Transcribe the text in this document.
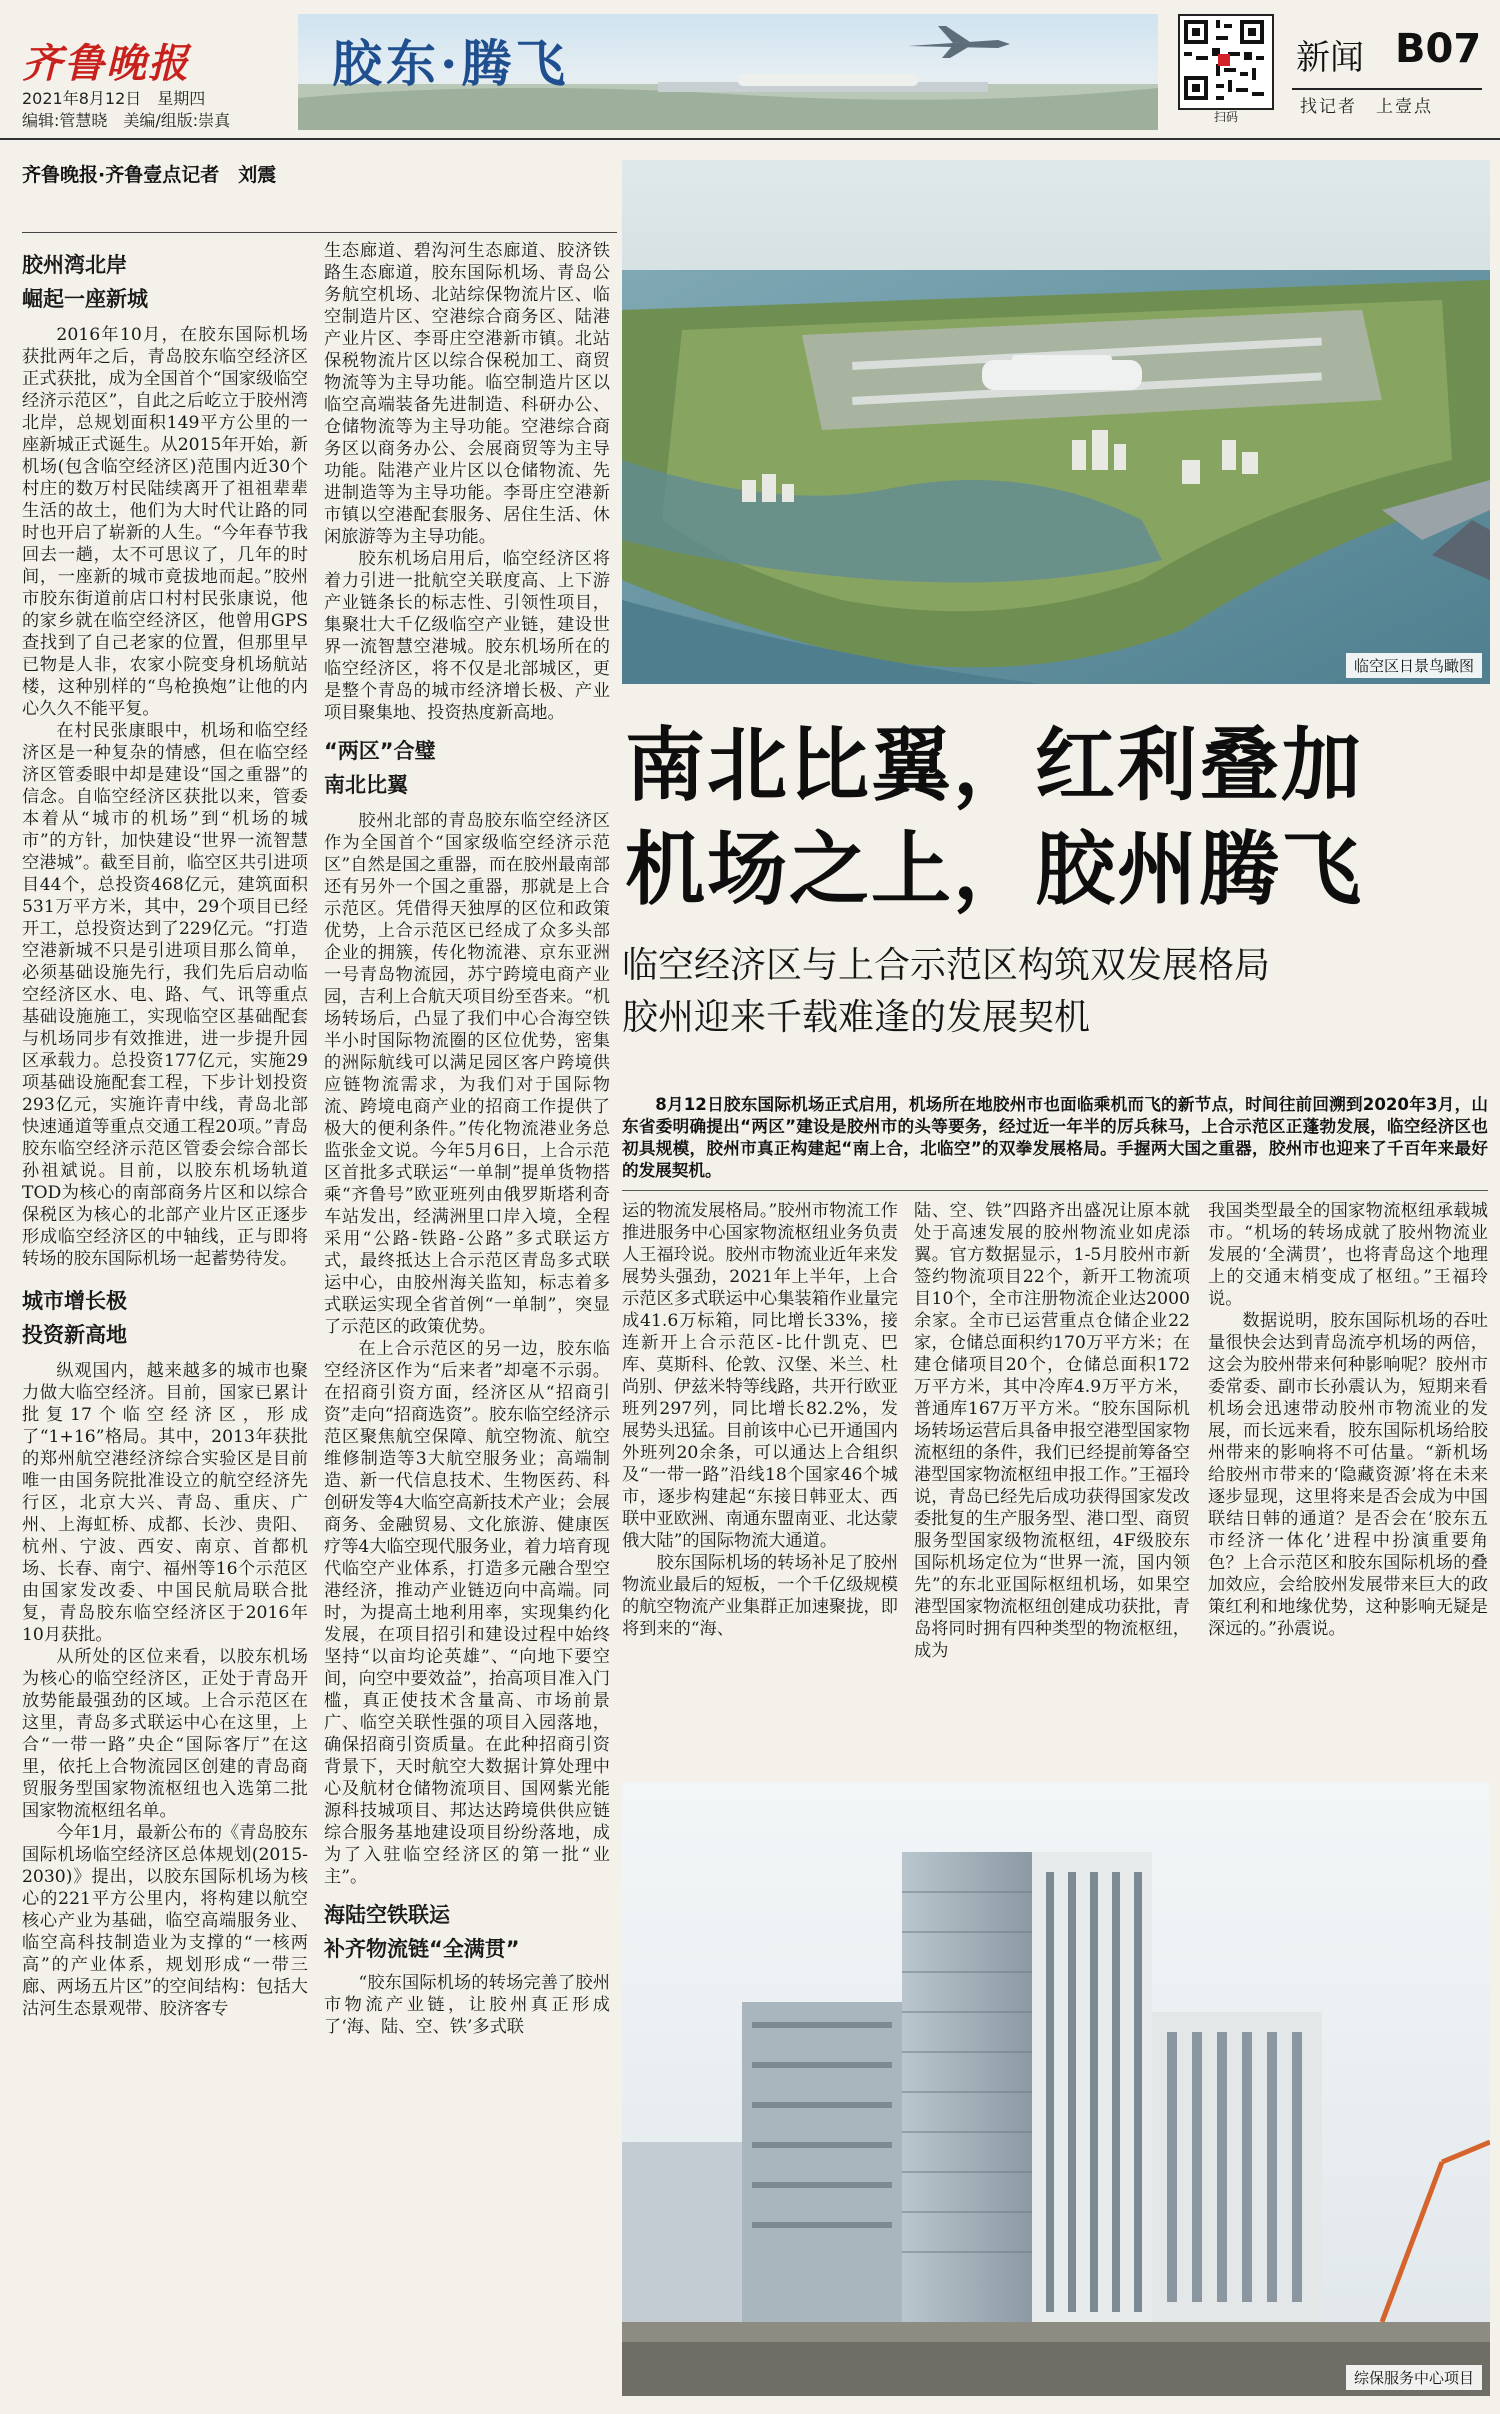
齐鲁晚报
2021年8月12日　星期四
编辑:管慧晓　美编/组版:崇真
胶东·腾飞
扫码
新闻 B07
找记者　上壹点
齐鲁晚报·齐鲁壹点记者　刘震
临空区日景鸟瞰图
南北比翼，红利叠加
机场之上，胶州腾飞
临空经济区与上合示范区构筑双发展格局
胶州迎来千载难逢的发展契机
8月12日胶东国际机场正式启用，机场所在地胶州市也面临乘机而飞的新节点，时间往前回溯到2020年3月，山东省委明确提出“两区”建设是胶州市的头等要务，经过近一年半的厉兵秣马，上合示范区正蓬勃发展，临空经济区也初具规模，胶州市真正构建起“南上合，北临空”的双拳发展格局。手握两大国之重器，胶州市也迎来了千百年来最好的发展契机。

胶州湾北岸

崛起一座新城

2016年10月，在胶东国际机场获批两年之后，青岛胶东临空经济区正式获批，成为全国首个“国家级临空经济示范区”，自此之后屹立于胶州湾北岸，总规划面积149平方公里的一座新城正式诞生。从2015年开始，新机场(包含临空经济区)范围内近30个村庄的数万村民陆续离开了祖祖辈辈生活的故土，他们为大时代让路的同时也开启了崭新的人生。“今年春节我回去一趟，太不可思议了，几年的时间，一座新的城市竟拔地而起。”胶州市胶东街道前店口村村民张康说，他的家乡就在临空经济区，他曾用GPS查找到了自己老家的位置，但那里早已物是人非，农家小院变身机场航站楼，这种别样的“鸟枪换炮”让他的内心久久不能平复。

在村民张康眼中，机场和临空经济区是一种复杂的情感，但在临空经济区管委眼中却是建设“国之重器”的信念。自临空经济区获批以来，管委本着从“城市的机场”到“机场的城市”的方针，加快建设“世界一流智慧空港城”。截至目前，临空区共引进项目44个，总投资468亿元，建筑面积531万平方米，其中，29个项目已经开工，总投资达到了229亿元。“打造空港新城不只是引进项目那么简单，必须基础设施先行，我们先后启动临空经济区水、电、路、气、讯等重点基础设施施工，实现临空区基础配套与机场同步有效推进，进一步提升园区承载力。总投资177亿元，实施29项基础设施配套工程，下步计划投资293亿元，实施许青中线，青岛北部快速通道等重点交通工程20项。”青岛胶东临空经济示范区管委会综合部长孙祖斌说。目前，以胶东机场轨道TOD为核心的南部商务片区和以综合保税区为核心的北部产业片区正逐步形成临空经济区的中轴线，正与即将转场的胶东国际机场一起蓄势待发。

城市增长极

投资新高地

纵观国内，越来越多的城市也聚力做大临空经济。目前，国家已累计批复17个临空经济区，形成了“1+16”格局。其中，2013年获批的郑州航空港经济综合实验区是目前唯一由国务院批准设立的航空经济先行区，北京大兴、青岛、重庆、广州、上海虹桥、成都、长沙、贵阳、杭州、宁波、西安、南京、首都机场、长春、南宁、福州等16个示范区由国家发改委、中国民航局联合批复，青岛胶东临空经济区于2016年10月获批。

从所处的区位来看，以胶东机场为核心的临空经济区，正处于青岛开放势能最强劲的区域。上合示范区在这里，青岛多式联运中心在这里，上合“一带一路”央企“国际客厅”在这里，依托上合物流园区创建的青岛商贸服务型国家物流枢纽也入选第二批国家物流枢纽名单。

今年1月，最新公布的《青岛胶东国际机场临空经济区总体规划(2015-2030)》提出，以胶东国际机场为核心的221平方公里内，将构建以航空核心产业为基础，临空高端服务业、临空高科技制造业为支撑的“一核两高”的产业体系，规划形成“一带三廊、两场五片区”的空间结构：包括大沽河生态景观带、胶济客专

生态廊道、碧沟河生态廊道、胶济铁路生态廊道，胶东国际机场、青岛公务航空机场、北站综保物流片区、临空制造片区、空港综合商务区、陆港产业片区、李哥庄空港新市镇。北站保税物流片区以综合保税加工、商贸物流等为主导功能。临空制造片区以临空高端装备先进制造、科研办公、仓储物流等为主导功能。空港综合商务区以商务办公、会展商贸等为主导功能。陆港产业片区以仓储物流、先进制造等为主导功能。李哥庄空港新市镇以空港配套服务、居住生活、休闲旅游等为主导功能。

胶东机场启用后，临空经济区将着力引进一批航空关联度高、上下游产业链条长的标志性、引领性项目，集聚壮大千亿级临空产业链，建设世界一流智慧空港城。胶东机场所在的临空经济区，将不仅是北部城区，更是整个青岛的城市经济增长极、产业项目聚集地、投资热度新高地。

“两区”合璧

南北比翼

胶州北部的青岛胶东临空经济区作为全国首个“国家级临空经济示范区”自然是国之重器，而在胶州最南部还有另外一个国之重器，那就是上合示范区。凭借得天独厚的区位和政策优势，上合示范区已经成了众多头部企业的拥簇，传化物流港、京东亚洲一号青岛物流园，苏宁跨境电商产业园，吉利上合航天项目纷至沓来。“机场转场后，凸显了我们中心合海空铁半小时国际物流圈的区位优势，密集的洲际航线可以满足园区客户跨境供应链物流需求，为我们对于国际物流、跨境电商产业的招商工作提供了极大的便利条件。”传化物流港业务总监张金文说。今年5月6日，上合示范区首批多式联运“一单制”提单货物搭乘“齐鲁号”欧亚班列由俄罗斯塔利奇车站发出，经满洲里口岸入境，全程采用“公路-铁路-公路”多式联运方式，最终抵达上合示范区青岛多式联运中心，由胶州海关监知，标志着多式联运实现全省首例“一单制”，突显了示范区的政策优势。

在上合示范区的另一边，胶东临空经济区作为“后来者”却毫不示弱。在招商引资方面，经济区从“招商引资”走向“招商选资”。胶东临空经济示范区聚焦航空保障、航空物流、航空维修制造等3大航空服务业；高端制造、新一代信息技术、生物医药、科创研发等4大临空高新技术产业；会展商务、金融贸易、文化旅游、健康医疗等4大临空现代服务业，着力培育现代临空产业体系，打造多元融合型空港经济，推动产业链迈向中高端。同时，为提高土地利用率，实现集约化发展，在项目招引和建设过程中始终坚持“以亩均论英雄”、“向地下要空间，向空中要效益”，抬高项目准入门槛，真正使技术含量高、市场前景广、临空关联性强的项目入园落地，确保招商引资质量。在此种招商引资背景下，天时航空大数据计算处理中心及航材仓储物流项目、国网紫光能源科技城项目、邦达达跨境供供应链综合服务基地建设项目纷纷落地，成为了入驻临空经济区的第一批“业主”。

海陆空铁联运

补齐物流链“全满贯”

“胶东国际机场的转场完善了胶州市物流产业链，让胶州真正形成了‘海、陆、空、铁’多式联

运的物流发展格局。”胶州市物流工作推进服务中心国家物流枢纽业务负责人王福玲说。胶州市物流业近年来发展势头强劲，2021年上半年，上合示范区多式联运中心集装箱作业量完成41.6万标箱，同比增长33%，接连新开上合示范区-比什凯克、巴库、莫斯科、伦敦、汉堡、米兰、杜尚别、伊兹米特等线路，共开行欧亚班列297列，同比增长82.2%，发展势头迅猛。目前该中心已开通国内外班列20余条，可以通达上合组织及“一带一路”沿线18个国家46个城市，逐步构建起“东接日韩亚太、西联中亚欧洲、南通东盟南亚、北达蒙俄大陆”的国际物流大通道。

胶东国际机场的转场补足了胶州物流业最后的短板，一个千亿级规模的航空物流产业集群正加速聚拢，即将到来的“海、

陆、空、铁”四路齐出盛况让原本就处于高速发展的胶州物流业如虎添翼。官方数据显示，1-5月胶州市新签约物流项目22个，新开工物流项目10个，全市注册物流企业达2000余家。全市已运营重点仓储企业22家，仓储总面积约170万平方米；在建仓储项目20个，仓储总面积172万平方米，其中冷库4.9万平方米，普通库167万平方米。“胶东国际机场转场运营后具备申报空港型国家物流枢纽的条件，我们已经提前筹备空港型国家物流枢纽申报工作。”王福玲说，青岛已经先后成功获得国家发改委批复的生产服务型、港口型、商贸服务型国家级物流枢纽，4F级胶东国际机场定位为“世界一流，国内领先”的东北亚国际枢纽机场，如果空港型国家物流枢纽创建成功获批，青岛将同时拥有四种类型的物流枢纽，成为

我国类型最全的国家物流枢纽承载城市。“机场的转场成就了胶州物流业发展的‘全满贯’，也将青岛这个地理上的交通末梢变成了枢纽。”王福玲说。

数据说明，胶东国际机场的吞吐量很快会达到青岛流亭机场的两倍，这会为胶州带来何种影响呢？胶州市委常委、副市长孙震认为，短期来看机场会迅速带动胶州市物流业的发展，而长远来看，胶东国际机场给胶州带来的影响将不可估量。“新机场给胶州市带来的‘隐藏资源’将在未来逐步显现，这里将来是否会成为中国联结日韩的通道？是否会在‘胶东五市经济一体化’进程中扮演重要角色？上合示范区和胶东国际机场的叠加效应，会给胶州发展带来巨大的政策红利和地缘优势，这种影响无疑是深远的。”孙震说。

综保服务中心项目
